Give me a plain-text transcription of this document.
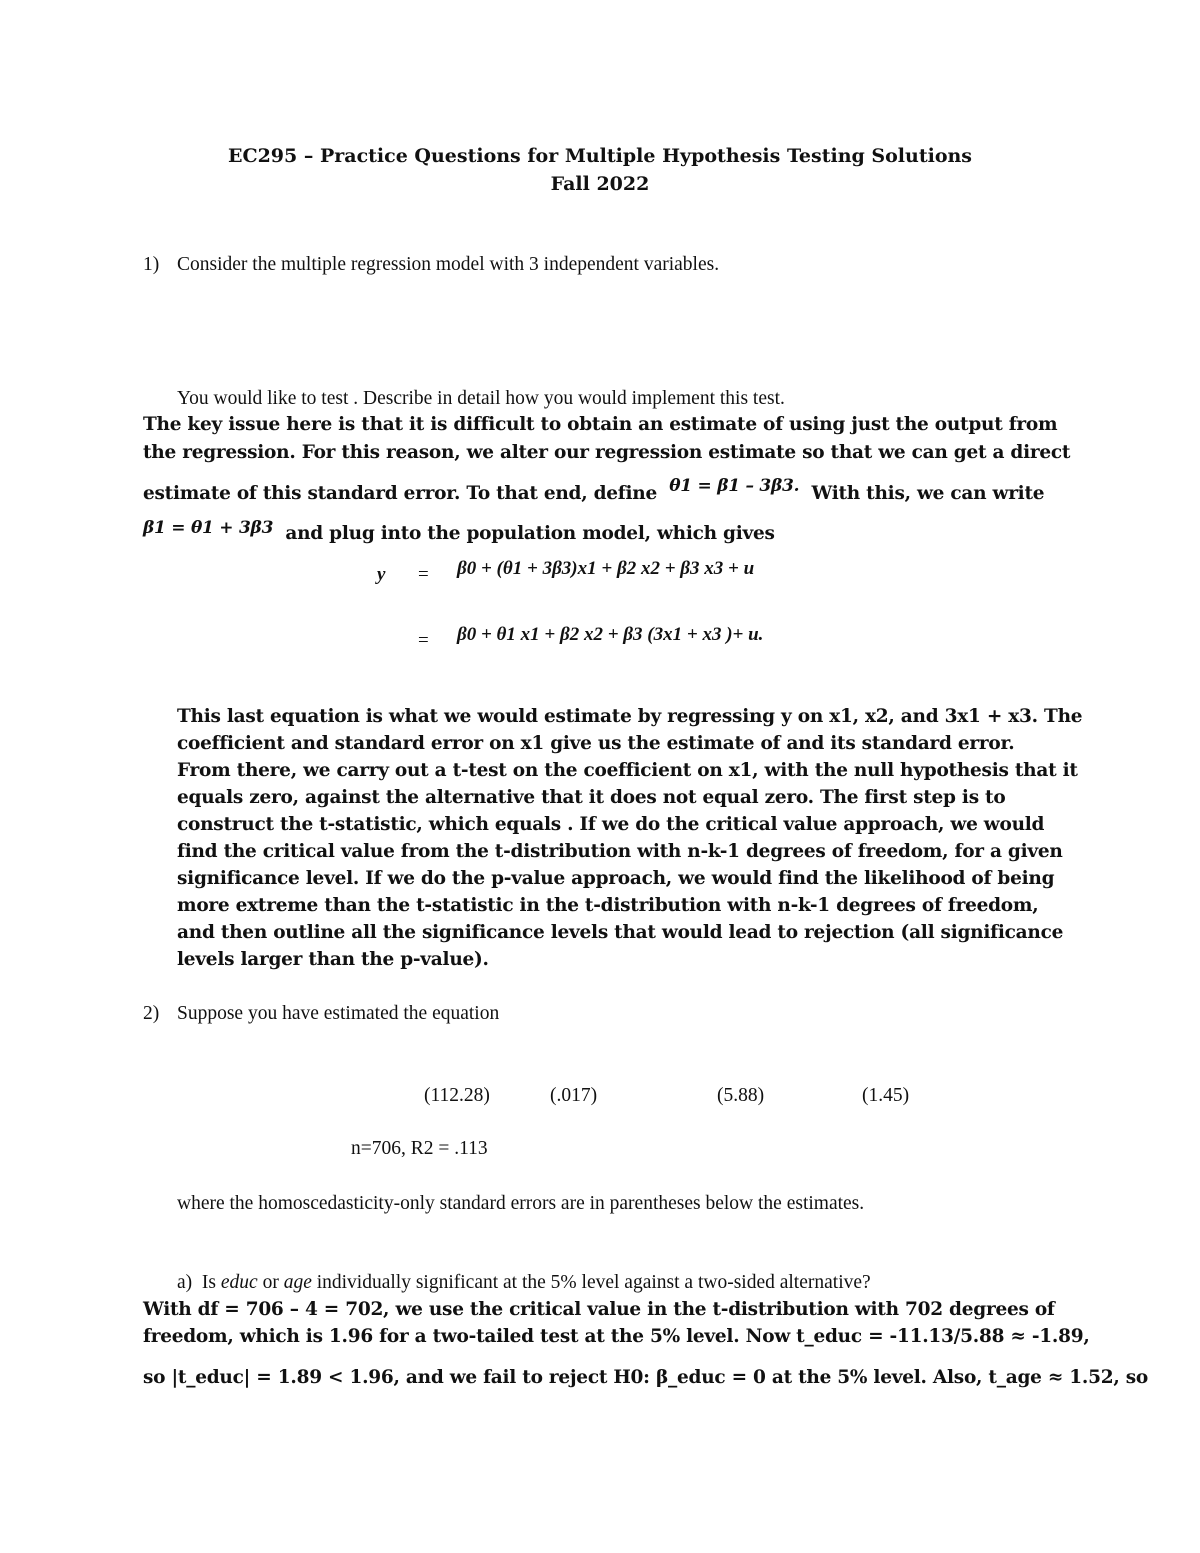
EC295 – Practice Questions for Multiple Hypothesis Testing Solutions
Fall 2022
1) Consider the multiple regression model with 3 independent variables.
You would like to test . Describe in detail how you would implement this test.
The key issue here is that it is difficult to obtain an estimate of using just the output from
the regression. For this reason, we alter our regression estimate so that we can get a direct
estimate of this standard error. To that end, define θ1 = β1 – 3β3. With this, we can write
β1 = θ1 + 3β3 and plug into the population model, which gives
y = β0 + (θ1 + 3β3)x1 + β2 x2 + β3 x3 + u
= β0 + θ1 x1 + β2 x2 + β3 (3x1 + x3 )+ u.
This last equation is what we would estimate by regressing y on x1, x2, and 3x1 + x3. The
coefficient and standard error on x1 give us the estimate of and its standard error.
From there, we carry out a t-test on the coefficient on x1, with the null hypothesis that it
equals zero, against the alternative that it does not equal zero. The first step is to
construct the t-statistic, which equals . If we do the critical value approach, we would
find the critical value from the t-distribution with n-k-1 degrees of freedom, for a given
significance level. If we do the p-value approach, we would find the likelihood of being
more extreme than the t-statistic in the t-distribution with n-k-1 degrees of freedom,
and then outline all the significance levels that would lead to rejection (all significance
levels larger than the p-value).
2) Suppose you have estimated the equation
(112.28)	(.017)	(5.88)	(1.45)
n=706, R2 = .113
where the homoscedasticity-only standard errors are in parentheses below the estimates.
a) Is educ or age individually significant at the 5% level against a two-sided alternative?
With df = 706 – 4 = 702, we use the critical value in the t-distribution with 702 degrees of
freedom, which is 1.96 for a two-tailed test at the 5% level. Now t_educ = -11.13/5.88 ≈ -1.89,
so |t_educ| = 1.89 < 1.96, and we fail to reject H0: β_educ = 0 at the 5% level. Also, t_age ≈ 1.52, so
